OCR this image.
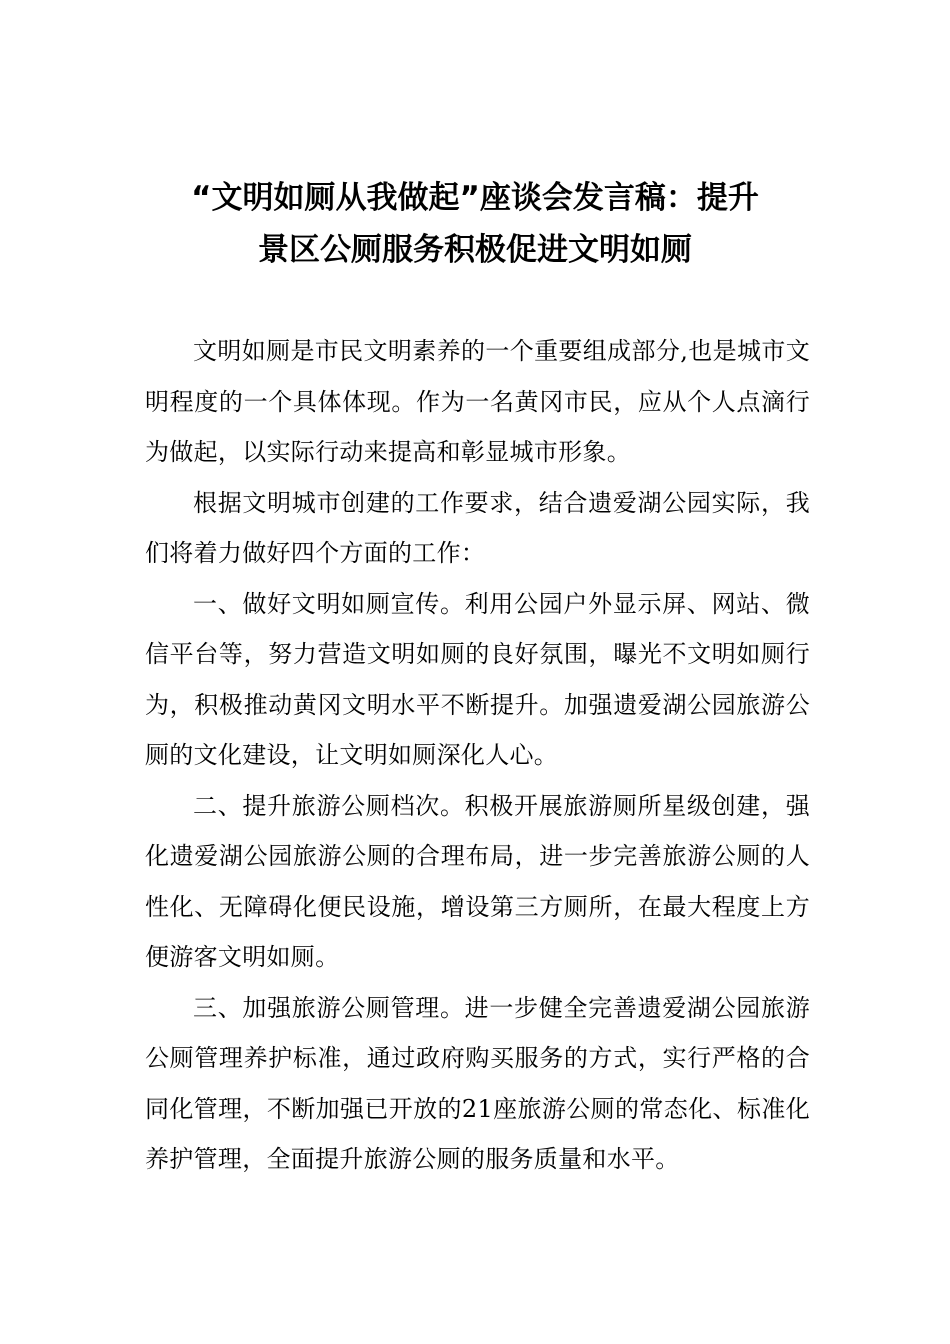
“文明如厕从我做起”座谈会发言稿：提升
景区公厕服务积极促进文明如厕

文明如厕是市民文明素养的一个重要组成部分,也是城市文明程度的一个具体体现。作为一名黄冈市民，应从个人点滴行为做起，以实际行动来提高和彰显城市形象。

根据文明城市创建的工作要求，结合遗爱湖公园实际，我们将着力做好四个方面的工作：

一、做好文明如厕宣传。利用公园户外显示屏、网站、微信平台等，努力营造文明如厕的良好氛围，曝光不文明如厕行为，积极推动黄冈文明水平不断提升。加强遗爱湖公园旅游公厕的文化建设，让文明如厕深化人心。

二、提升旅游公厕档次。积极开展旅游厕所星级创建，强化遗爱湖公园旅游公厕的合理布局，进一步完善旅游公厕的人性化、无障碍化便民设施，增设第三方厕所，在最大程度上方便游客文明如厕。

三、加强旅游公厕管理。进一步健全完善遗爱湖公园旅游公厕管理养护标准，通过政府购买服务的方式，实行严格的合同化管理，不断加强已开放的21座旅游公厕的常态化、标准化养护管理，全面提升旅游公厕的服务质量和水平。
